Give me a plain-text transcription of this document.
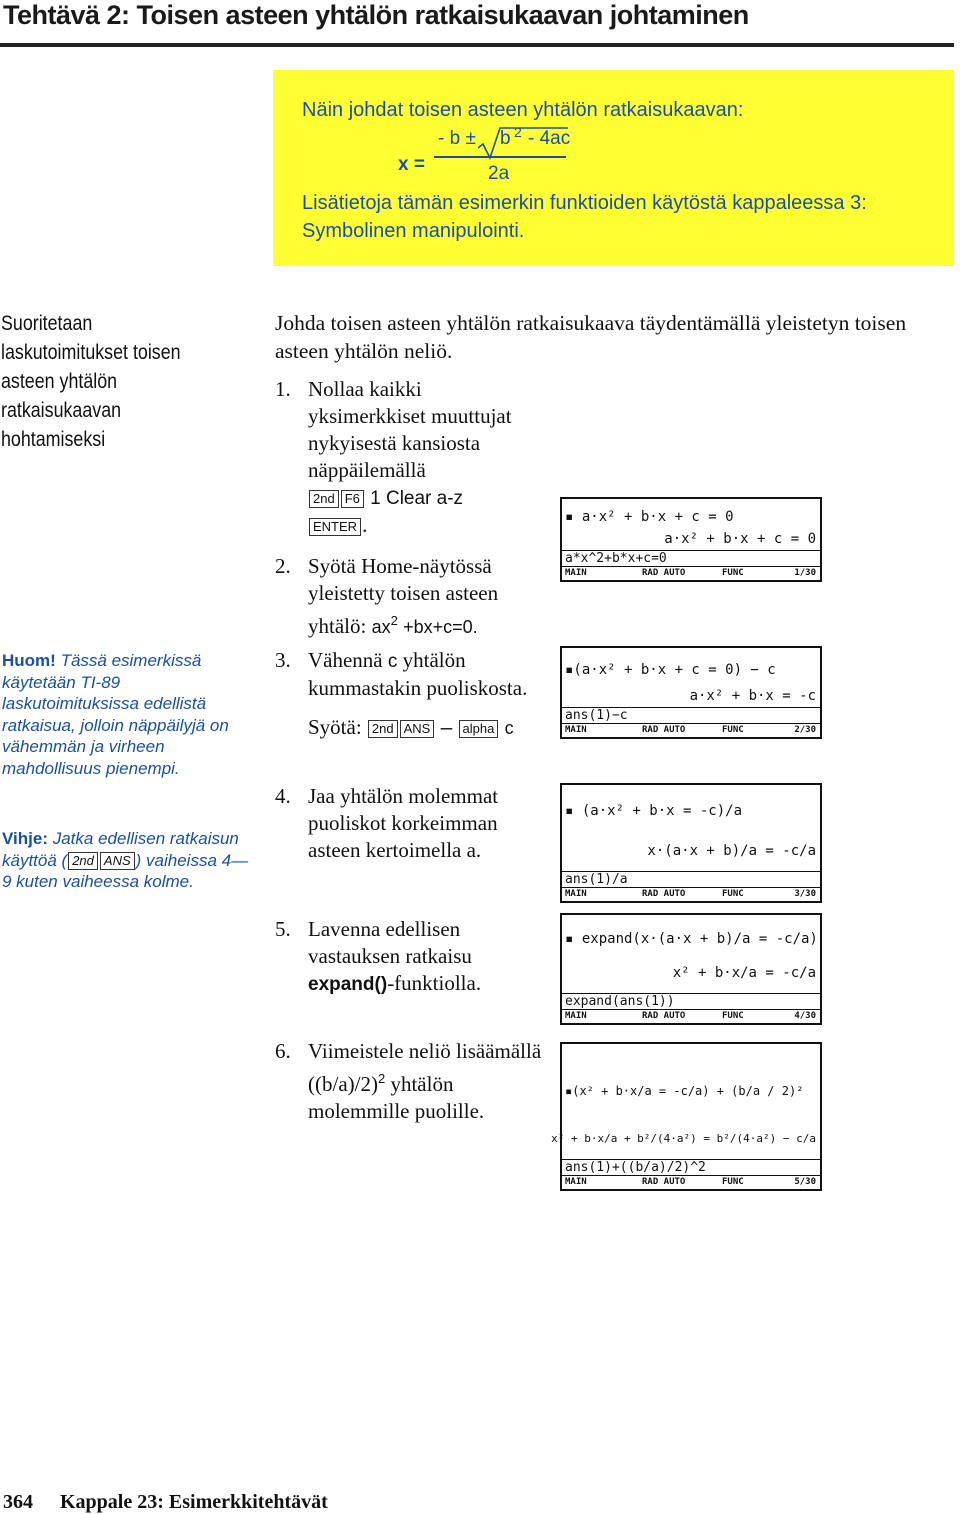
Tehtävä 2: Toisen asteen yhtälön ratkaisukaavan johtaminen
Näin johdat toisen asteen yhtälön ratkaisukaavan:
- b ± b 2 - 4ac
x =	2a
Lisätietoja tämän esimerkin funktioiden käytöstä kappaleessa 3:
Symbolinen manipulointi.
Suoritetaan
laskutoimitukset toisen
asteen yhtälön
ratkaisukaavan
hohtamiseksi
Huom! Tässä esimerkissä käytetään TI-89 laskutoimituksissa edellistä ratkaisua, jolloin näppäilyjä on vähemmän ja virheen mahdollisuus pienempi.
Vihje: Jatka edellisen ratkaisun käyttöä ( 2nd ANS ) vaiheissa 4—9 kuten vaiheessa kolme.
Johda toisen asteen yhtälön ratkaisukaava täydentämällä yleistetyn toisen asteen yhtälön neliö.
1. Nollaa kaikki yksimerkkiset muuttujat nykyisestä kansiosta näppäilemällä
2nd F6 1 Clear a-z
ENTER .
2. Syötä Home-näytössä yleistetty toisen asteen yhtälö: $ax^2 +bx+c=0$.
3. Vähennä c yhtälön kummastakin puoliskosta.
Syötä: 2nd ANS – alpha c
4. Jaa yhtälön molemmat puoliskot korkeimman asteen kertoimella a.
5. Lavenna edellisen vastauksen ratkaisu expand()-funktiolla.
6. Viimeistele neliö lisäämällä $((b/a)/2)^2$ yhtälön molemmille puolille.
▪ a·x² + b·x + c = 0
a·x² + b·x + c = 0
a*x^2+b*x+c=0
MAIN	RAD AUTO	FUNC	1/30
▪(a·x² + b·x + c = 0) − c
a·x² + b·x = -c
ans(1)−c
MAIN	RAD AUTO	FUNC	2/30
▪ (a·x² + b·x = -c)/a
x·(a·x + b)/a = -c/a
ans(1)/a
MAIN	RAD AUTO	FUNC	3/30
▪ expand(x·(a·x + b)/a = -c/a)
x² + b·x/a = -c/a
expand(ans(1))
MAIN	RAD AUTO	FUNC	4/30
▪(x² + b·x/a = -c/a) + (b/a / 2)²
x² + b·x/a + b²/(4·a²) = b²/(4·a²) − c/a
ans(1)+((b/a)/2)^2
MAIN	RAD AUTO	FUNC	5/30
364 Kappale 23: Esimerkkitehtävät
